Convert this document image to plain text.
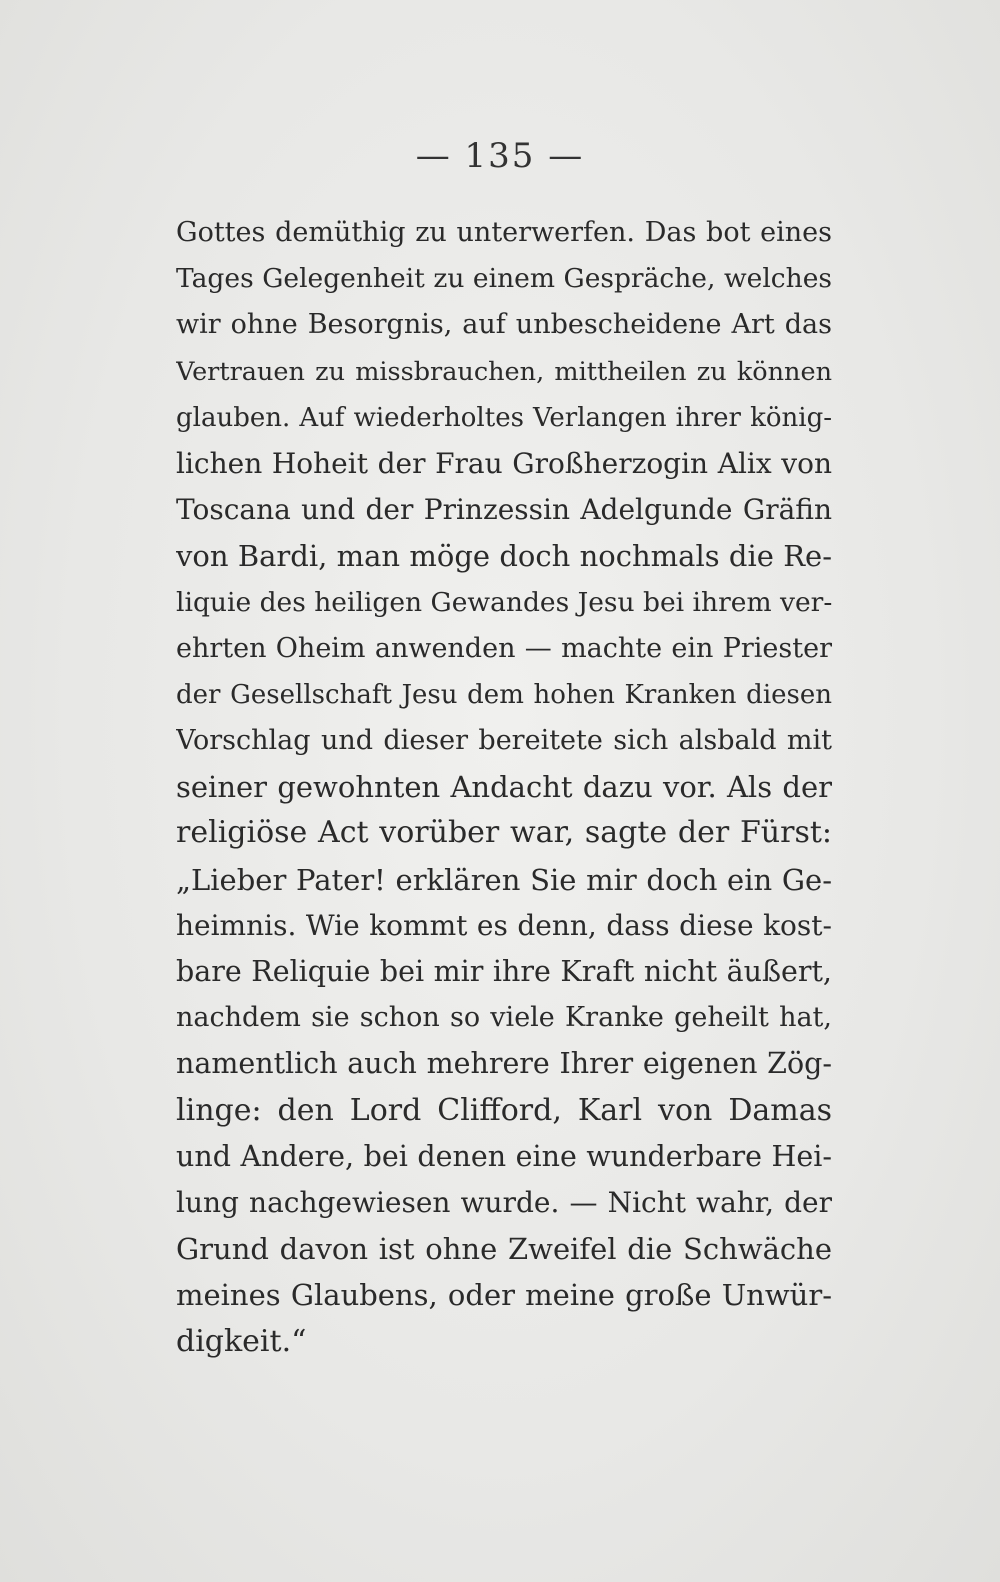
— 135 —
Gottes demüthig zu unterwerfen. Das bot eines
Tages Gelegenheit zu einem Gespräche, welches
wir ohne Besorgnis, auf unbescheidene Art das
Vertrauen zu missbrauchen, mittheilen zu können
glauben. Auf wiederholtes Verlangen ihrer könig-
lichen Hoheit der Frau Großherzogin Alix von
Toscana und der Prinzessin Adelgunde Gräfin
von Bardi, man möge doch nochmals die Re-
liquie des heiligen Gewandes Jesu bei ihrem ver-
ehrten Oheim anwenden — machte ein Priester
der Gesellschaft Jesu dem hohen Kranken diesen
Vorschlag und dieser bereitete sich alsbald mit
seiner gewohnten Andacht dazu vor. Als der
religiöse Act vorüber war, sagte der Fürst:
„Lieber Pater! erklären Sie mir doch ein Ge-
heimnis. Wie kommt es denn, dass diese kost-
bare Reliquie bei mir ihre Kraft nicht äußert,
nachdem sie schon so viele Kranke geheilt hat,
namentlich auch mehrere Ihrer eigenen Zög-
linge: den Lord Clifford, Karl von Damas
und Andere, bei denen eine wunderbare Hei-
lung nachgewiesen wurde. — Nicht wahr, der
Grund davon ist ohne Zweifel die Schwäche
meines Glaubens, oder meine große Unwür-
digkeit.“
